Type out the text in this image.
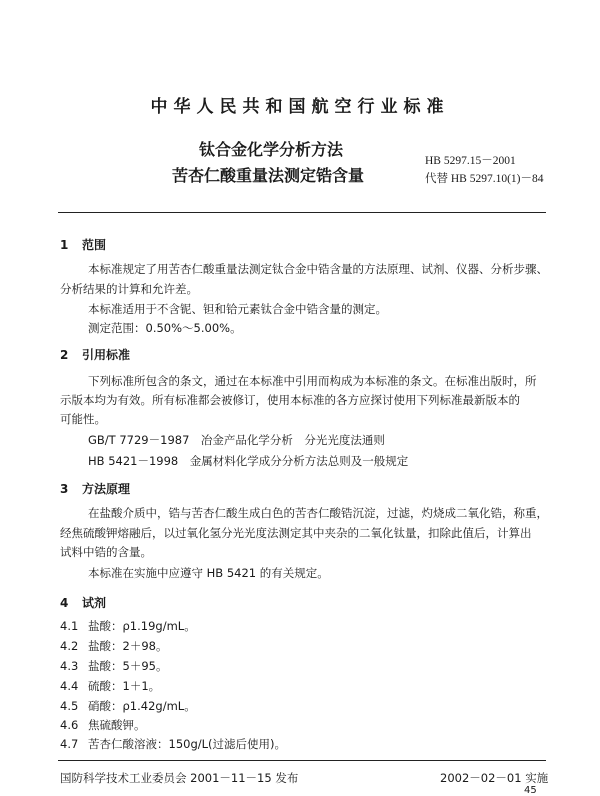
中华人民共和国航空行业标准
钛合金化学分析方法
苦杏仁酸重量法测定锆含量
HB 5297.15－2001
代替 HB 5297.10(1)－84
1 范围
本标准规定了用苦杏仁酸重量法测定钛合金中锆含量的方法原理、试剂、仪器、分析步骤、
分析结果的计算和允许差。
本标准适用于不含铌、钽和铪元素钛合金中锆含量的测定。
测定范围：0.50%～5.00%。
2 引用标准
下列标准所包含的条文，通过在本标准中引用而构成为本标准的条文。在标准出版时，所
示版本均为有效。所有标准都会被修订，使用本标准的各方应探讨使用下列标准最新版本的
可能性。
GB/T 7729－1987　冶金产品化学分析　分光光度法通则
HB 5421－1998　金属材料化学成分分析方法总则及一般规定
3 方法原理
在盐酸介质中，锆与苦杏仁酸生成白色的苦杏仁酸锆沉淀，过滤，灼烧成二氧化锆，称重，
经焦硫酸钾熔融后，以过氧化氢分光光度法测定其中夹杂的二氧化钛量，扣除此值后，计算出
试料中锆的含量。
本标准在实施中应遵守 HB 5421 的有关规定。
4 试剂
4.1 盐酸：ρ1.19g/mL。
4.2 盐酸：2＋98。
4.3 盐酸：5＋95。
4.4 硫酸：1＋1。
4.5 硝酸：ρ1.42g/mL。
4.6 焦硫酸钾。
4.7 苦杏仁酸溶液：150g/L(过滤后使用)。
国防科学技术工业委员会 2001－11－15 发布	2002－02－01 实施
45
